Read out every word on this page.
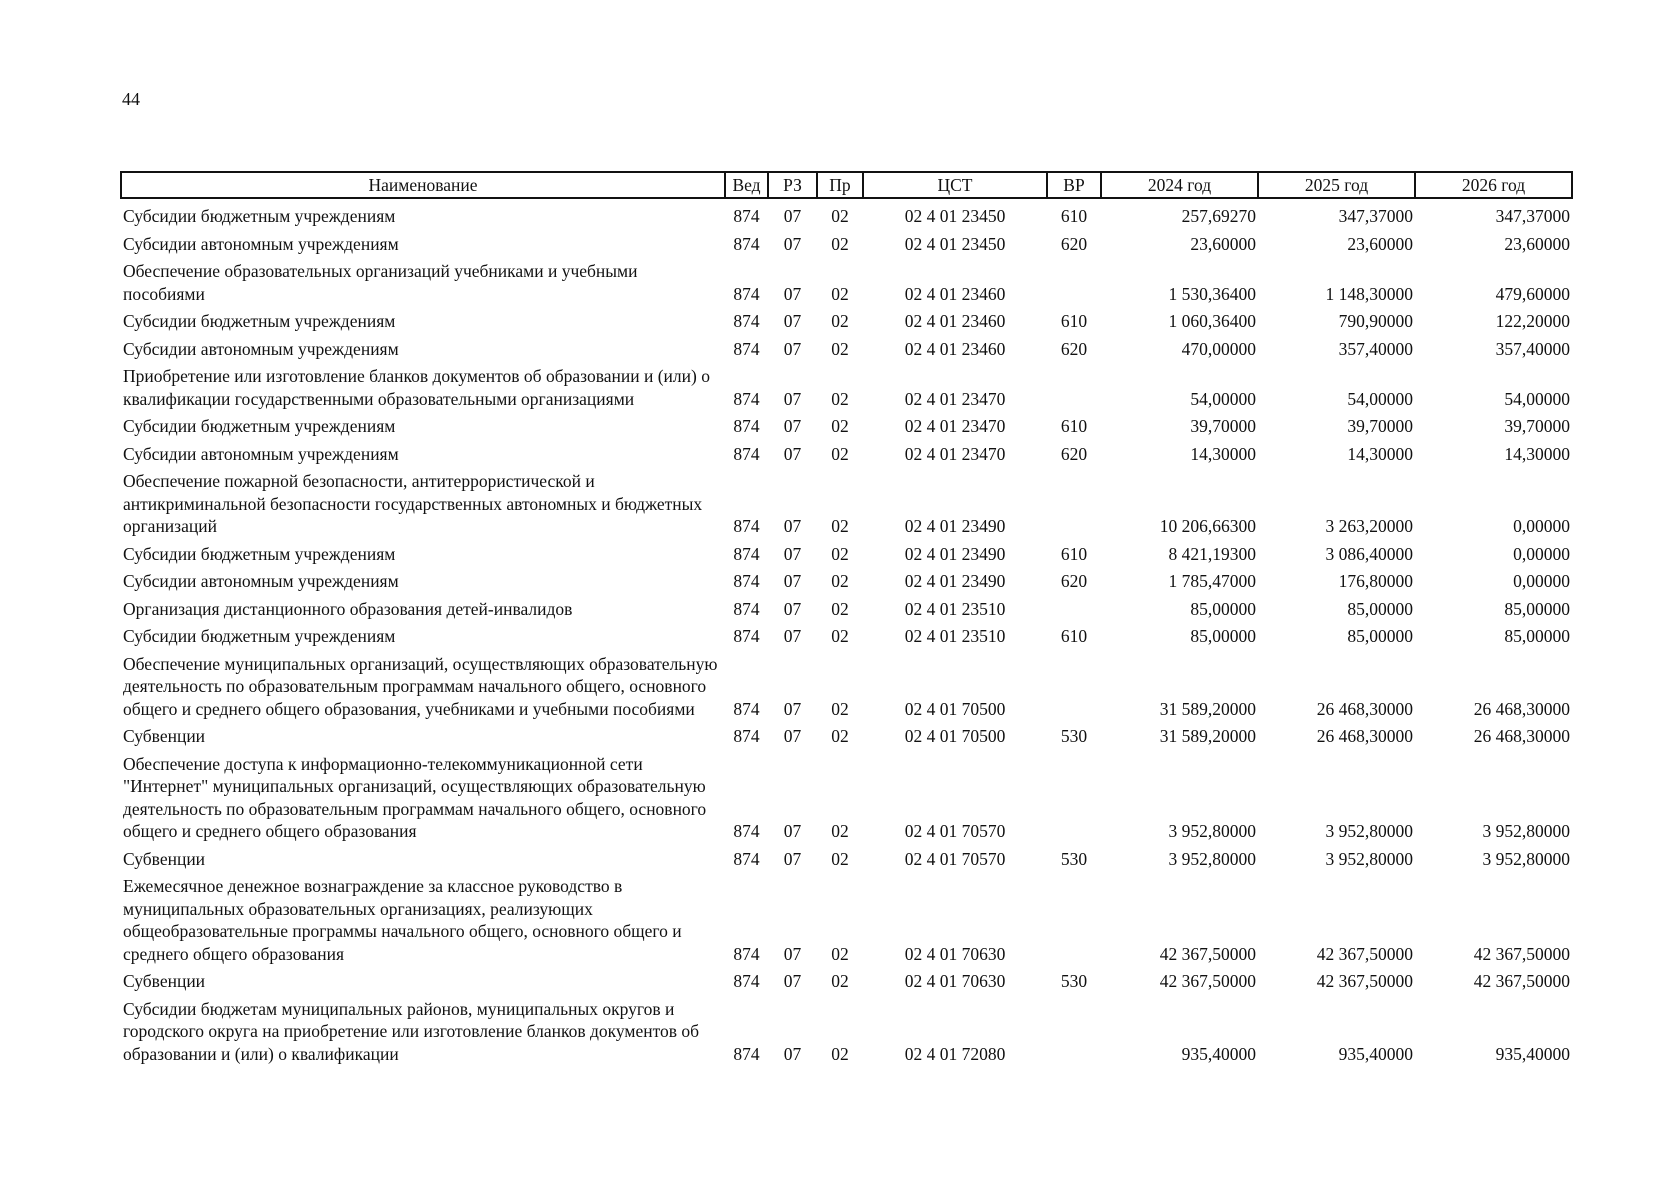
44
Наименование	Вед	РЗ	Пр	ЦСТ	ВР	2024 год	2025 год	2026 год
Субсидии бюджетным учреждениям	874	07	02	02 4 01 23450	610	257,69270	347,37000	347,37000
Субсидии автономным учреждениям	874	07	02	02 4 01 23450	620	23,60000	23,60000	23,60000
Обеспечение образовательных организаций учебниками и учебными пособиями	874	07	02	02 4 01 23460		1 530,36400	1 148,30000	479,60000
Субсидии бюджетным учреждениям	874	07	02	02 4 01 23460	610	1 060,36400	790,90000	122,20000
Субсидии автономным учреждениям	874	07	02	02 4 01 23460	620	470,00000	357,40000	357,40000
Приобретение или изготовление бланков документов об образовании и (или) о квалификации государственными образовательными организациями	874	07	02	02 4 01 23470		54,00000	54,00000	54,00000
Субсидии бюджетным учреждениям	874	07	02	02 4 01 23470	610	39,70000	39,70000	39,70000
Субсидии автономным учреждениям	874	07	02	02 4 01 23470	620	14,30000	14,30000	14,30000
Обеспечение пожарной безопасности, антитеррористической и антикриминальной безопасности государственных автономных и бюджетных организаций	874	07	02	02 4 01 23490		10 206,66300	3 263,20000	0,00000
Субсидии бюджетным учреждениям	874	07	02	02 4 01 23490	610	8 421,19300	3 086,40000	0,00000
Субсидии автономным учреждениям	874	07	02	02 4 01 23490	620	1 785,47000	176,80000	0,00000
Организация дистанционного образования детей-инвалидов	874	07	02	02 4 01 23510		85,00000	85,00000	85,00000
Субсидии бюджетным учреждениям	874	07	02	02 4 01 23510	610	85,00000	85,00000	85,00000
Обеспечение муниципальных организаций, осуществляющих образовательную деятельность по образовательным программам начального общего, основного общего и среднего общего образования, учебниками и учебными пособиями	874	07	02	02 4 01 70500		31 589,20000	26 468,30000	26 468,30000
Субвенции	874	07	02	02 4 01 70500	530	31 589,20000	26 468,30000	26 468,30000
Обеспечение доступа к информационно-телекоммуникационной сети "Интернет" муниципальных организаций, осуществляющих образовательную деятельность по образовательным программам начального общего, основного общего и среднего общего образования	874	07	02	02 4 01 70570		3 952,80000	3 952,80000	3 952,80000
Субвенции	874	07	02	02 4 01 70570	530	3 952,80000	3 952,80000	3 952,80000
Ежемесячное денежное вознаграждение за классное руководство в муниципальных образовательных организациях, реализующих общеобразовательные программы начального общего, основного общего и среднего общего образования	874	07	02	02 4 01 70630		42 367,50000	42 367,50000	42 367,50000
Субвенции	874	07	02	02 4 01 70630	530	42 367,50000	42 367,50000	42 367,50000
Субсидии бюджетам муниципальных районов, муниципальных округов и городского округа на приобретение или изготовление бланков документов об образовании и (или) о квалификации	874	07	02	02 4 01 72080		935,40000	935,40000	935,40000
